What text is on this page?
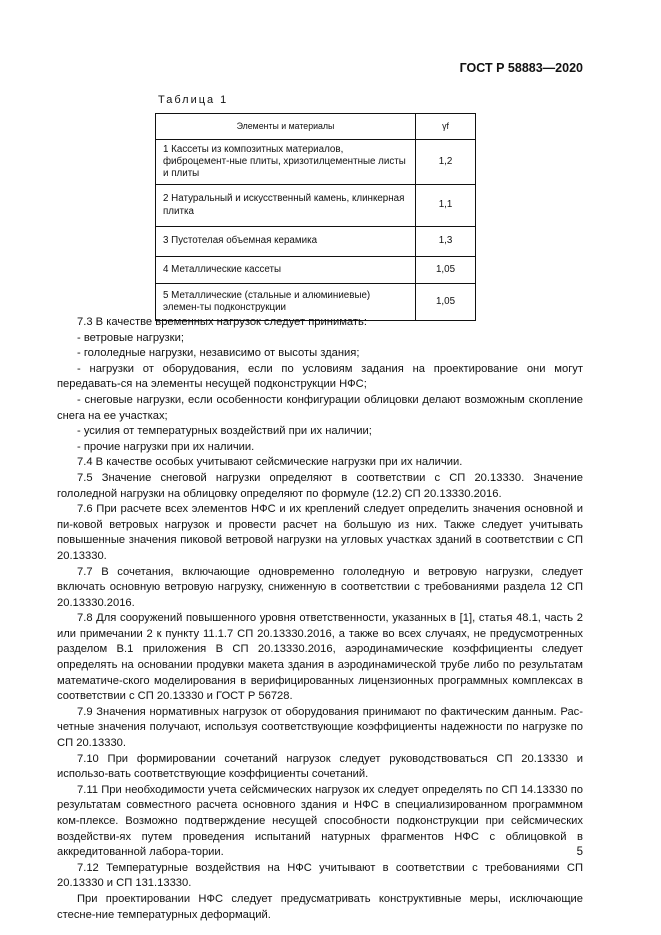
ГОСТ Р 58883—2020
Таблица 1
Элементы и материалы	γf
1 Кассеты из композитных материалов, фиброцемент-ные плиты, хризотилцементные листы и плиты	1,2
2 Натуральный и искусственный камень, клинкерная плитка	1,1
3 Пустотелая объемная керамика	1,3
4 Металлические кассеты	1,05
5 Металлические (стальные и алюминиевые) элемен-ты подконструкции	1,05

7.3 В качестве временных нагрузок следует принимать:

- ветровые нагрузки;

- гололедные нагрузки, независимо от высоты здания;

- нагрузки от оборудования, если по условиям задания на проектирование они могут передавать-ся на элементы несущей подконструкции НФС;

- снеговые нагрузки, если особенности конфигурации облицовки делают возможным скопление снега на ее участках;

- усилия от температурных воздействий при их наличии;

- прочие нагрузки при их наличии.

7.4 В качестве особых учитывают сейсмические нагрузки при их наличии.

7.5 Значение снеговой нагрузки определяют в соответствии с СП 20.13330. Значение гололедной нагрузки на облицовку определяют по формуле (12.2) СП 20.13330.2016.

7.6 При расчете всех элементов НФС и их креплений следует определить значения основной и пи-ковой ветровых нагрузок и провести расчет на большую из них. Также следует учитывать повышенные значения пиковой ветровой нагрузки на угловых участках зданий в соответствии с СП 20.13330.

7.7 В сочетания, включающие одновременно гололедную и ветровую нагрузки, следует включать основную ветровую нагрузку, сниженную в соответствии с требованиями раздела 12 СП 20.13330.2016.

7.8 Для сооружений повышенного уровня ответственности, указанных в [1], статья 48.1, часть 2 или примечании 2 к пункту 11.1.7 СП 20.13330.2016, а также во всех случаях, не предусмотренных разделом В.1 приложения В СП 20.13330.2016, аэродинамические коэффициенты следует определять на основании продувки макета здания в аэродинамической трубе либо по результатам математиче-ского моделирования в верифицированных лицензионных программных комплексах в соответствии с СП 20.13330 и ГОСТ Р 56728.

7.9 Значения нормативных нагрузок от оборудования принимают по фактическим данным. Рас-четные значения получают, используя соответствующие коэффициенты надежности по нагрузке по СП 20.13330.

7.10 При формировании сочетаний нагрузок следует руководствоваться СП 20.13330 и использо-вать соответствующие коэффициенты сочетаний.

7.11 При необходимости учета сейсмических нагрузок их следует определять по СП 14.13330 по результатам совместного расчета основного здания и НФС в специализированном программном ком-плексе. Возможно подтверждение несущей способности подконструкции при сейсмических воздействи-ях путем проведения испытаний натурных фрагментов НФС с облицовкой в аккредитованной лабора-тории.

7.12 Температурные воздействия на НФС учитывают в соответствии с требованиями СП 20.13330 и СП 131.13330.

При проектировании НФС следует предусматривать конструктивные меры, исключающие стесне-ние температурных деформаций.

5
